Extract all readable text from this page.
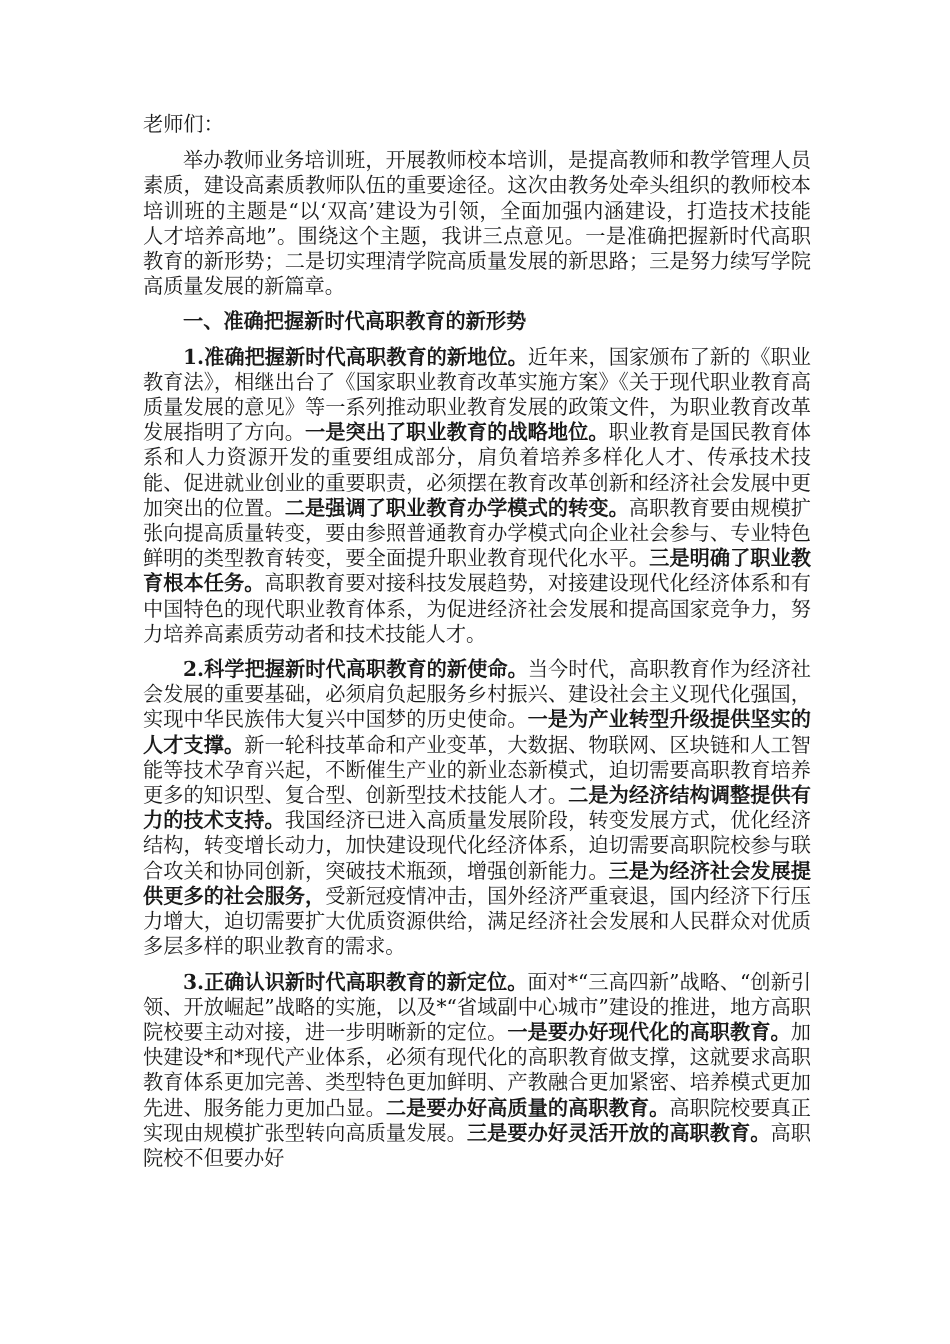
老师们：

举办教师业务培训班，开展教师校本培训，是提高教师和教学管理人员素质，建设高素质教师队伍的重要途径。这次由教务处牵头组织的教师校本培训班的主题是“以‘双高’建设为引领，全面加强内涵建设，打造技术技能人才培养高地”。围绕这个主题，我讲三点意见。一是准确把握新时代高职教育的新形势；二是切实理清学院高质量发展的新思路；三是努力续写学院高质量发展的新篇章。

一、准确把握新时代高职教育的新形势

1.准确把握新时代高职教育的新地位。近年来，国家颁布了新的《职业教育法》，相继出台了《国家职业教育改革实施方案》《关于现代职业教育高质量发展的意见》等一系列推动职业教育发展的政策文件，为职业教育改革发展指明了方向。一是突出了职业教育的战略地位。职业教育是国民教育体系和人力资源开发的重要组成部分，肩负着培养多样化人才、传承技术技能、促进就业创业的重要职责，必须摆在教育改革创新和经济社会发展中更加突出的位置。二是强调了职业教育办学模式的转变。高职教育要由规模扩张向提高质量转变，要由参照普通教育办学模式向企业社会参与、专业特色鲜明的类型教育转变，要全面提升职业教育现代化水平。三是明确了职业教育根本任务。高职教育要对接科技发展趋势，对接建设现代化经济体系和有中国特色的现代职业教育体系，为促进经济社会发展和提高国家竞争力，努力培养高素质劳动者和技术技能人才。

2.科学把握新时代高职教育的新使命。当今时代，高职教育作为经济社会发展的重要基础，必须肩负起服务乡村振兴、建设社会主义现代化强国，实现中华民族伟大复兴中国梦的历史使命。一是为产业转型升级提供坚实的人才支撑。新一轮科技革命和产业变革，大数据、物联网、区块链和人工智能等技术孕育兴起，不断催生产业的新业态新模式，迫切需要高职教育培养更多的知识型、复合型、创新型技术技能人才。二是为经济结构调整提供有力的技术支持。我国经济已进入高质量发展阶段，转变发展方式，优化经济结构，转变增长动力，加快建设现代化经济体系，迫切需要高职院校参与联合攻关和协同创新，突破技术瓶颈，增强创新能力。三是为经济社会发展提供更多的社会服务，受新冠疫情冲击，国外经济严重衰退，国内经济下行压力增大，迫切需要扩大优质资源供给，满足经济社会发展和人民群众对优质多层多样的职业教育的需求。

3.正确认识新时代高职教育的新定位。面对*“三高四新”战略、“创新引领、开放崛起”战略的实施，以及*“省域副中心城市”建设的推进，地方高职院校要主动对接，进一步明晰新的定位。一是要办好现代化的高职教育。加快建设*和*现代产业体系，必须有现代化的高职教育做支撑，这就要求高职教育体系更加完善、类型特色更加鲜明、产教融合更加紧密、培养模式更加先进、服务能力更加凸显。二是要办好高质量的高职教育。高职院校要真正实现由规模扩张型转向高质量发展。三是要办好灵活开放的高职教育。高职院校不但要办好
